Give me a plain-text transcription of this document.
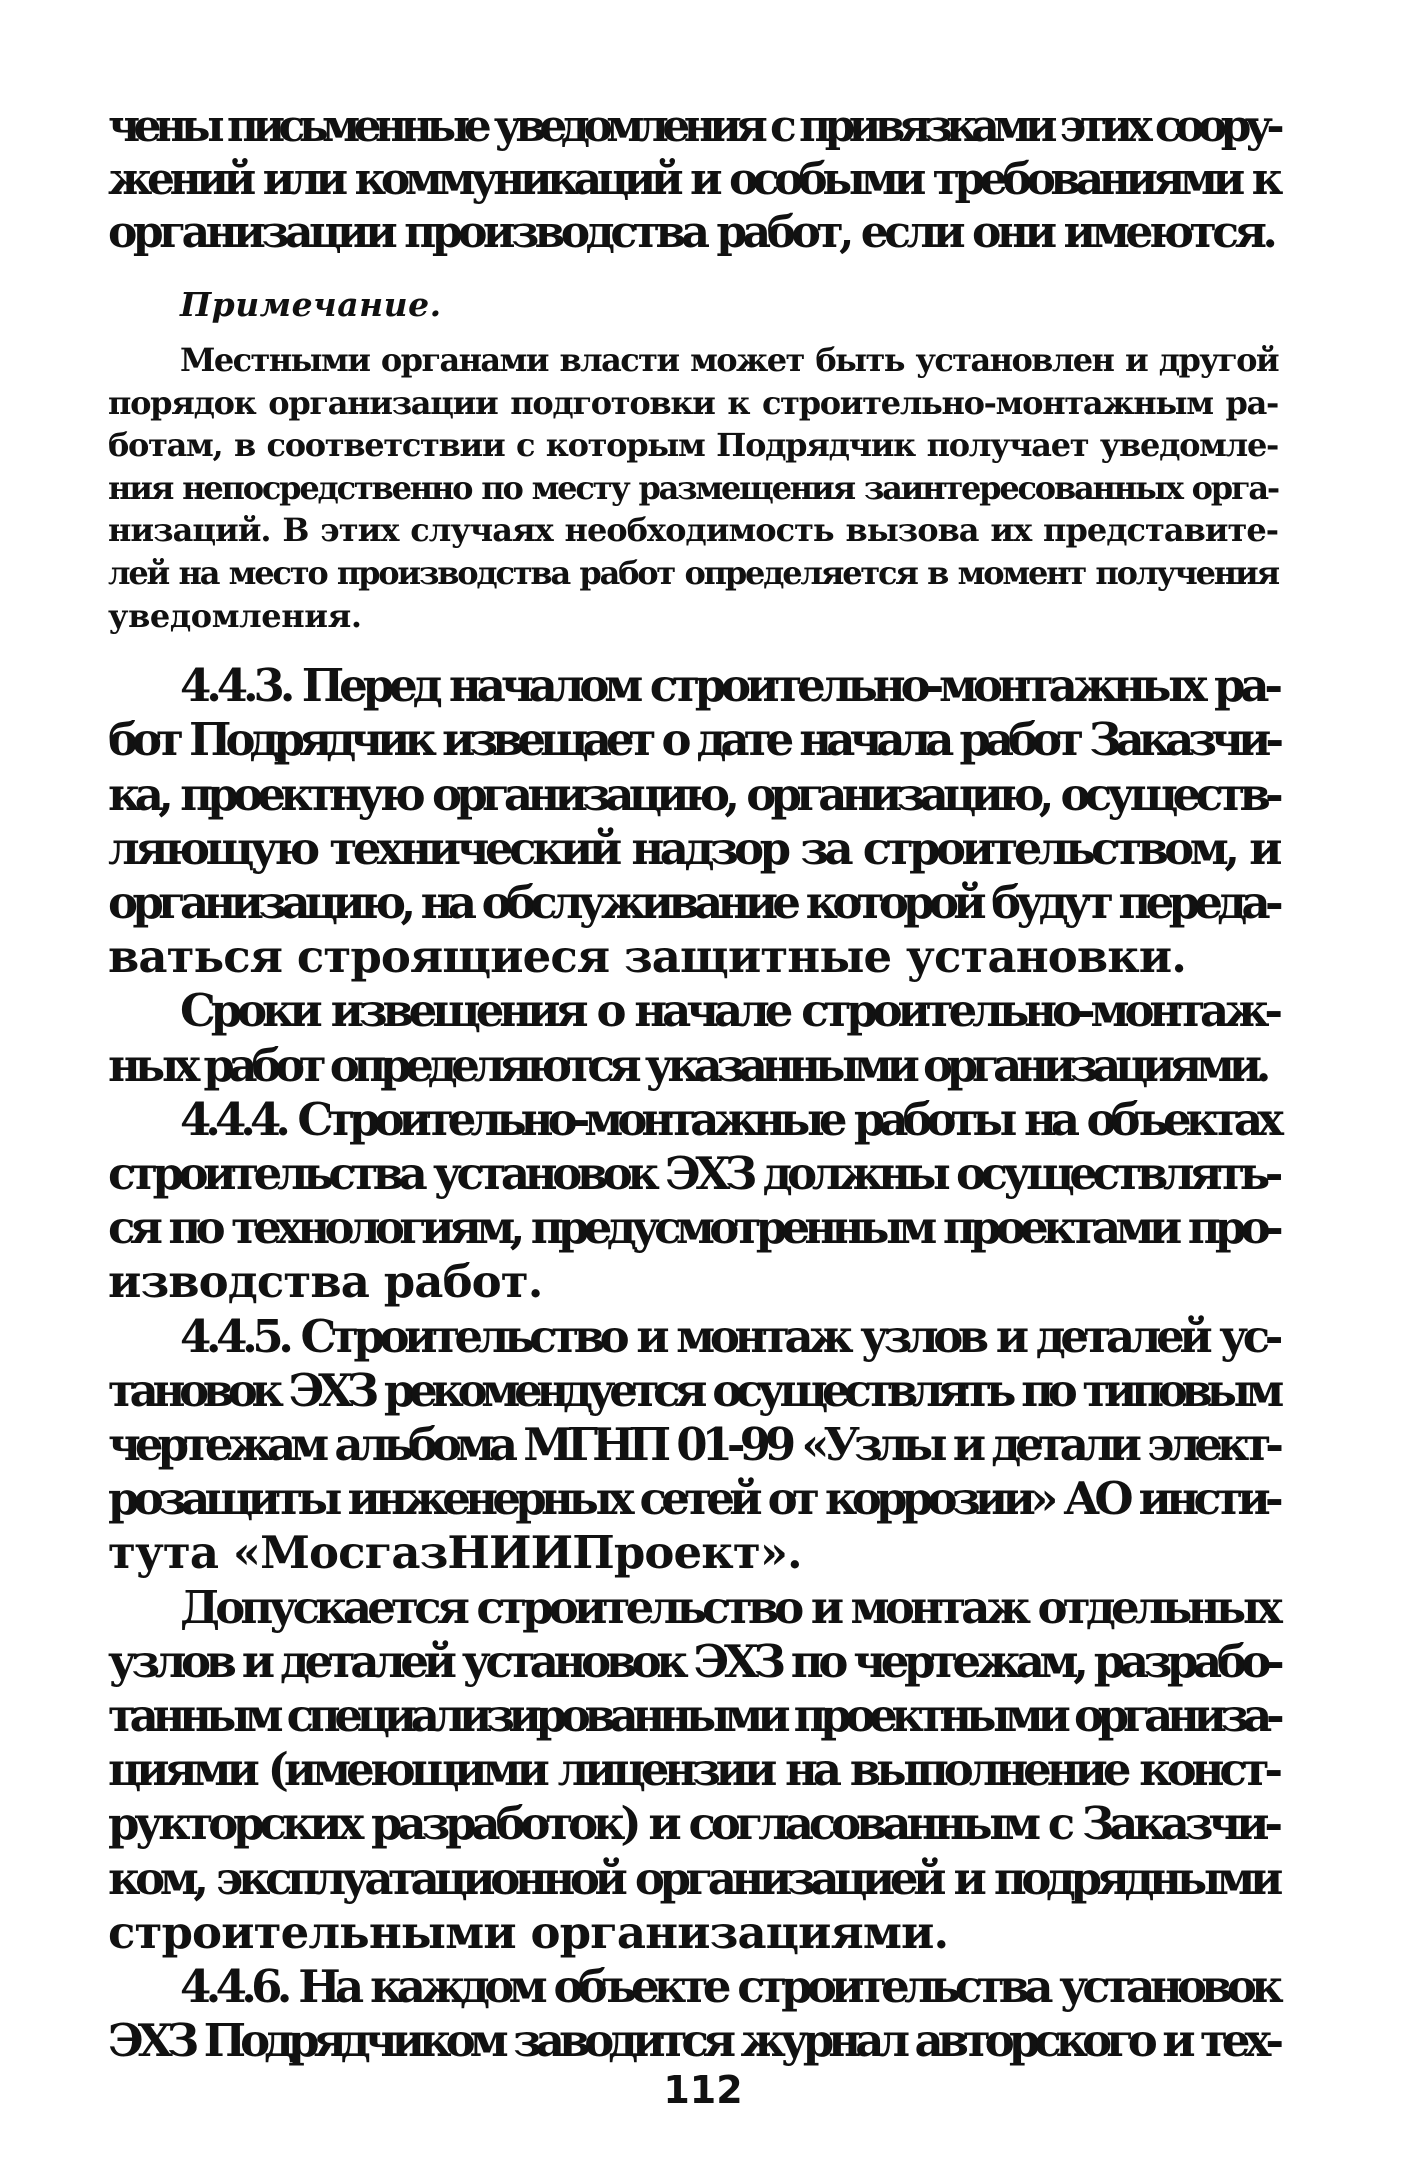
чены письменные уведомления с привязками этих соору-
жений или коммуникаций и особыми требованиями к
организации производства работ, если они имеются.
Примечание.
Местными органами власти может быть установлен и другой
порядок организации подготовки к строительно-монтажным ра-
ботам, в соответствии с которым Подрядчик получает уведомле-
ния непосредственно по месту размещения заинтересованных орга-
низаций. В этих случаях необходимость вызова их представите-
лей на место производства работ определяется в момент получения
уведомления.
4.4.3. Перед началом строительно-монтажных ра-
бот Подрядчик извещает о дате начала работ Заказчи-
ка, проектную организацию, организацию, осуществ-
ляющую технический надзор за строительством, и
организацию, на обслуживание которой будут переда-
ваться строящиеся защитные установки.
Сроки извещения о начале строительно-монтаж-
ных работ определяются указанными организациями.
4.4.4. Строительно-монтажные работы на объектах
строительства установок ЭХЗ должны осуществлять-
ся по технологиям, предусмотренным проектами про-
изводства работ.
4.4.5. Строительство и монтаж узлов и деталей ус-
тановок ЭХЗ рекомендуется осуществлять по типовым
чертежам альбома МГНП 01-99 «Узлы и детали элект-
розащиты инженерных сетей от коррозии» АО инсти-
тута «МосгазНИИПроект».
Допускается строительство и монтаж отдельных
узлов и деталей установок ЭХЗ по чертежам, разрабо-
танным специализированными проектными организа-
циями (имеющими лицензии на выполнение конст-
рукторских разработок) и согласованным с Заказчи-
ком, эксплуатационной организацией и подрядными
строительными организациями.
4.4.6. На каждом объекте строительства установок
ЭХЗ Подрядчиком заводится журнал авторского и тех-
112
